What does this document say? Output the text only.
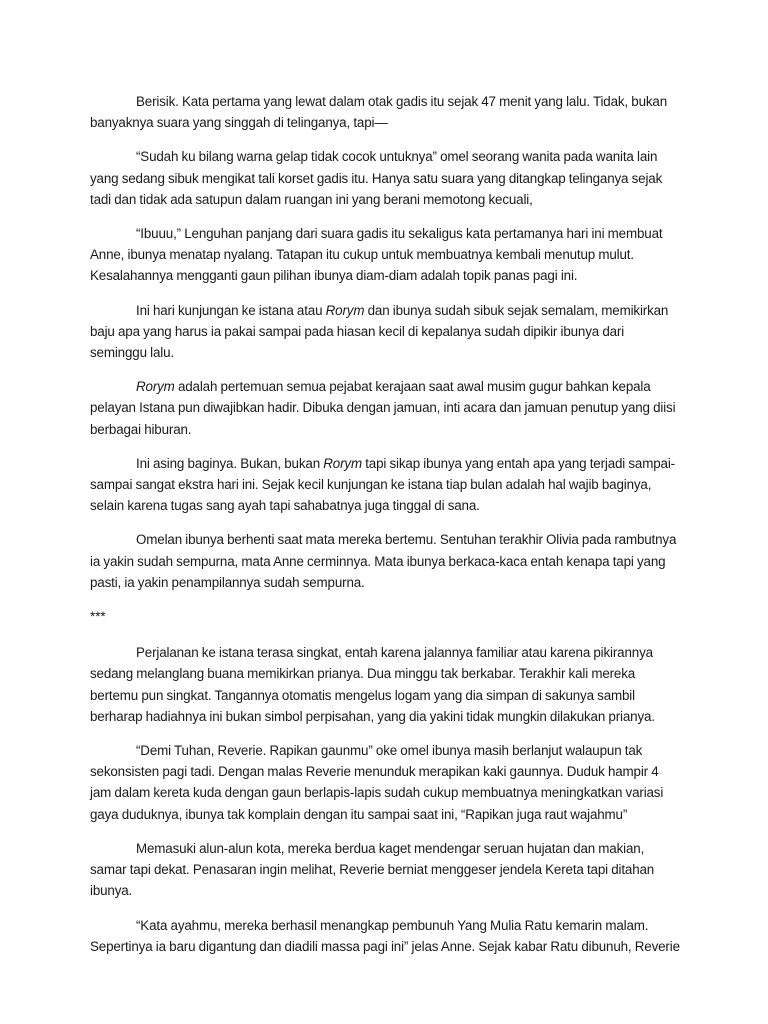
Berisik. Kata pertama yang lewat dalam otak gadis itu sejak 47 menit yang lalu. Tidak, bukan banyaknya suara yang singgah di telinganya, tapi—

“Sudah ku bilang warna gelap tidak cocok untuknya” omel seorang wanita pada wanita lain yang sedang sibuk mengikat tali korset gadis itu. Hanya satu suara yang ditangkap telinganya sejak tadi dan tidak ada satupun dalam ruangan ini yang berani memotong kecuali,

“Ibuuu,” Lenguhan panjang dari suara gadis itu sekaligus kata pertamanya hari ini membuat Anne, ibunya menatap nyalang. Tatapan itu cukup untuk membuatnya kembali menutup mulut. Kesalahannya mengganti gaun pilihan ibunya diam-diam adalah topik panas pagi ini.

Ini hari kunjungan ke istana atau Rorym dan ibunya sudah sibuk sejak semalam, memikirkan baju apa yang harus ia pakai sampai pada hiasan kecil di kepalanya sudah dipikir ibunya dari seminggu lalu.

Rorym adalah pertemuan semua pejabat kerajaan saat awal musim gugur bahkan kepala pelayan Istana pun diwajibkan hadir. Dibuka dengan jamuan, inti acara dan jamuan penutup yang diisi berbagai hiburan.

Ini asing baginya. Bukan, bukan Rorym tapi sikap ibunya yang entah apa yang terjadi sampai-sampai sangat ekstra hari ini. Sejak kecil kunjungan ke istana tiap bulan adalah hal wajib baginya, selain karena tugas sang ayah tapi sahabatnya juga tinggal di sana.

Omelan ibunya berhenti saat mata mereka bertemu. Sentuhan terakhir Olivia pada rambutnya ia yakin sudah sempurna, mata Anne cerminnya. Mata ibunya berkaca-kaca entah kenapa tapi yang pasti, ia yakin penampilannya sudah sempurna.

***

Perjalanan ke istana terasa singkat, entah karena jalannya familiar atau karena pikirannya sedang melanglang buana memikirkan prianya. Dua minggu tak berkabar. Terakhir kali mereka bertemu pun singkat. Tangannya otomatis mengelus logam yang dia simpan di sakunya sambil berharap hadiahnya ini bukan simbol perpisahan, yang dia yakini tidak mungkin dilakukan prianya.

“Demi Tuhan, Reverie. Rapikan gaunmu” oke omel ibunya masih berlanjut walaupun tak sekonsisten pagi tadi. Dengan malas Reverie menunduk merapikan kaki gaunnya. Duduk hampir 4 jam dalam kereta kuda dengan gaun berlapis-lapis sudah cukup membuatnya meningkatkan variasi gaya duduknya, ibunya tak komplain dengan itu sampai saat ini, “Rapikan juga raut wajahmu”

Memasuki alun-alun kota, mereka berdua kaget mendengar seruan hujatan dan makian, samar tapi dekat. Penasaran ingin melihat, Reverie berniat menggeser jendela Kereta tapi ditahan ibunya.

“Kata ayahmu, mereka berhasil menangkap pembunuh Yang Mulia Ratu kemarin malam. Sepertinya ia baru digantung dan diadili massa pagi ini” jelas Anne. Sejak kabar Ratu dibunuh, Reverie
